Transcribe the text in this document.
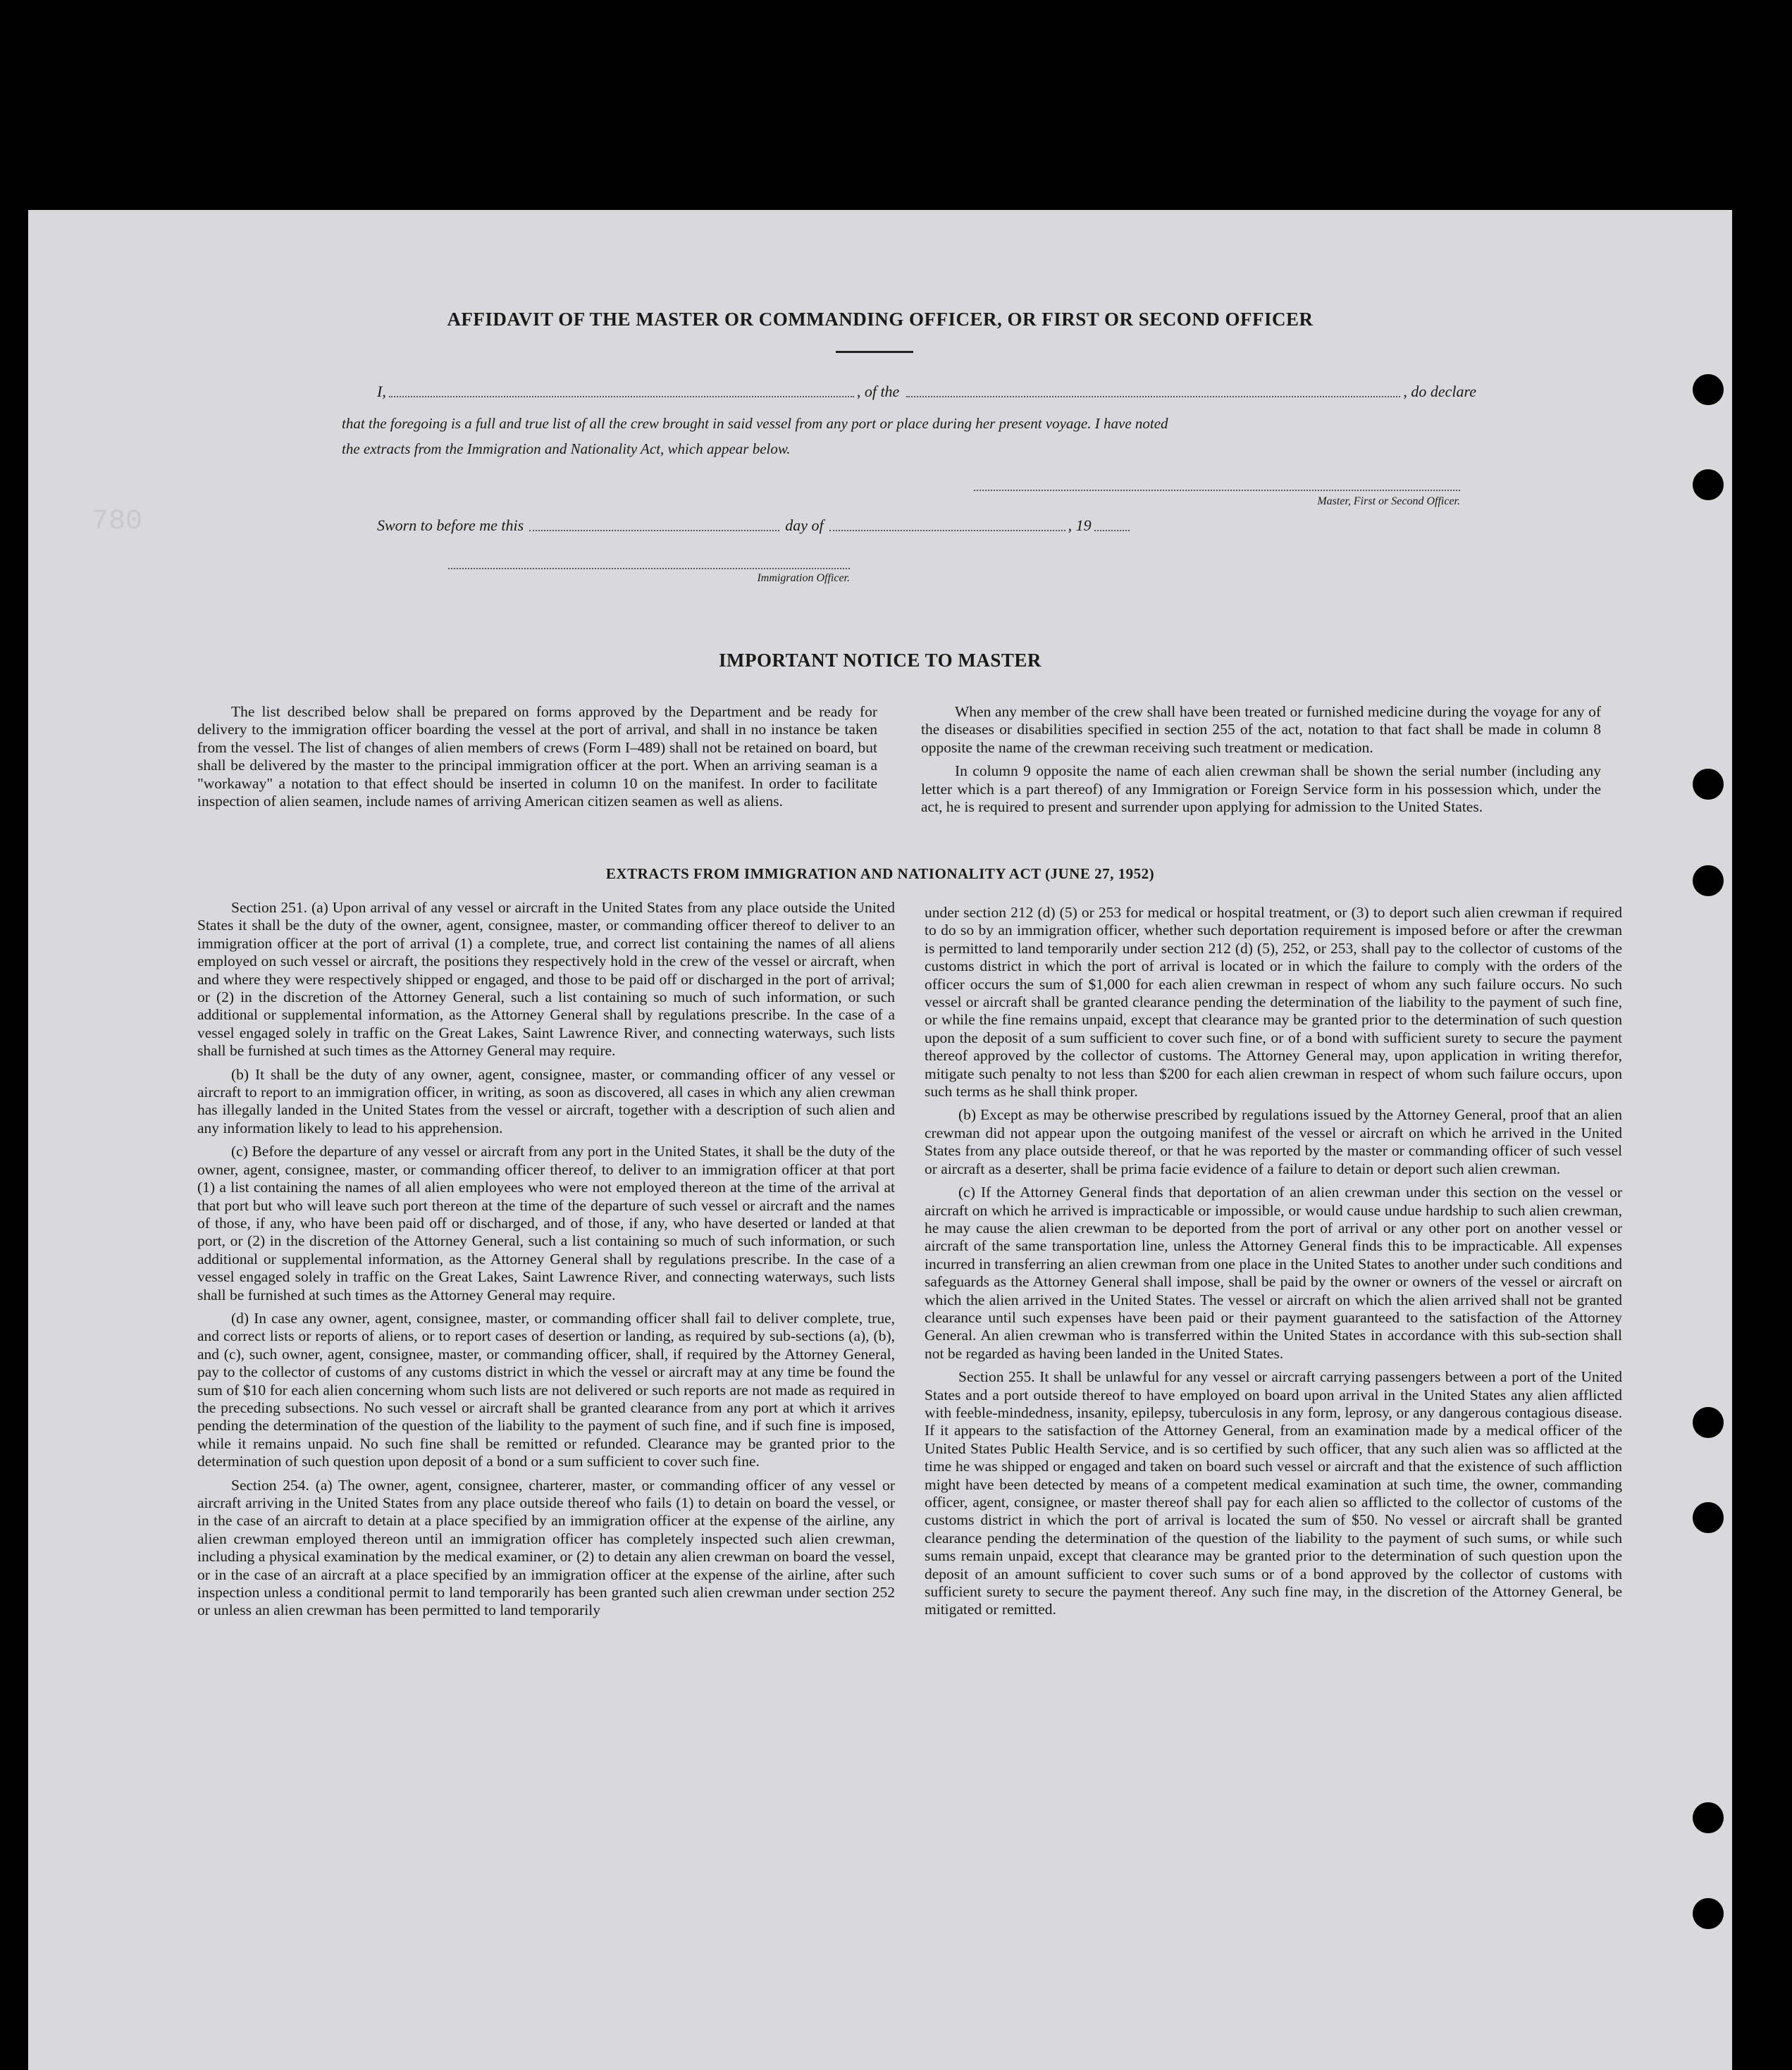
780
AFFIDAVIT OF THE MASTER OR COMMANDING OFFICER, OR FIRST OR SECOND OFFICER
I,	, of the	, do declare
that the foregoing is a full and true list of all the crew brought in said vessel from any port or place during her present voyage. I have noted
the extracts from the Immigration and Nationality Act, which appear below.
Master, First or Second Officer.
Sworn to before me this	day of	, 19
Immigration Officer.
IMPORTANT NOTICE TO MASTER

The list described below shall be prepared on forms approved by the Department and be ready for delivery to the immigration officer boarding the vessel at the port of arrival, and shall in no instance be taken from the vessel. The list of changes of alien members of crews (Form I–489) shall not be retained on board, but shall be delivered by the master to the principal immigration officer at the port. When an arriving seaman is a "workaway" a notation to that effect should be inserted in column 10 on the manifest. In order to facilitate inspection of alien seamen, include names of arriving American citizen seamen as well as aliens.

When any member of the crew shall have been treated or furnished medicine during the voyage for any of the diseases or disabilities specified in section 255 of the act, notation to that fact shall be made in column 8 opposite the name of the crewman receiving such treatment or medication.

In column 9 opposite the name of each alien crewman shall be shown the serial number (including any letter which is a part thereof) of any Immigration or Foreign Service form in his possession which, under the act, he is required to present and surrender upon applying for admission to the United States.

EXTRACTS FROM IMMIGRATION AND NATIONALITY ACT (JUNE 27, 1952)

Section 251. (a) Upon arrival of any vessel or aircraft in the United States from any place outside the United States it shall be the duty of the owner, agent, consignee, master, or commanding officer thereof to deliver to an immigration officer at the port of arrival (1) a complete, true, and correct list containing the names of all aliens employed on such vessel or aircraft, the positions they respectively hold in the crew of the vessel or aircraft, when and where they were respectively shipped or engaged, and those to be paid off or discharged in the port of arrival; or (2) in the discretion of the Attorney General, such a list containing so much of such information, or such additional or supplemental information, as the Attorney General shall by regulations prescribe. In the case of a vessel engaged solely in traffic on the Great Lakes, Saint Lawrence River, and connecting waterways, such lists shall be furnished at such times as the Attorney General may require.

(b) It shall be the duty of any owner, agent, consignee, master, or commanding officer of any vessel or aircraft to report to an immigration officer, in writing, as soon as discovered, all cases in which any alien crewman has illegally landed in the United States from the vessel or aircraft, together with a description of such alien and any information likely to lead to his apprehension.

(c) Before the departure of any vessel or aircraft from any port in the United States, it shall be the duty of the owner, agent, consignee, master, or commanding officer thereof, to deliver to an immigration officer at that port (1) a list containing the names of all alien employees who were not employed thereon at the time of the arrival at that port but who will leave such port thereon at the time of the departure of such vessel or aircraft and the names of those, if any, who have been paid off or discharged, and of those, if any, who have deserted or landed at that port, or (2) in the discretion of the Attorney General, such a list containing so much of such information, or such additional or supplemental information, as the Attorney General shall by regulations prescribe. In the case of a vessel engaged solely in traffic on the Great Lakes, Saint Lawrence River, and connecting waterways, such lists shall be furnished at such times as the Attorney General may require.

(d) In case any owner, agent, consignee, master, or commanding officer shall fail to deliver complete, true, and correct lists or reports of aliens, or to report cases of desertion or landing, as required by sub-sections (a), (b), and (c), such owner, agent, consignee, master, or commanding officer, shall, if required by the Attorney General, pay to the collector of customs of any customs district in which the vessel or aircraft may at any time be found the sum of $10 for each alien concerning whom such lists are not delivered or such reports are not made as required in the preceding subsections. No such vessel or aircraft shall be granted clearance from any port at which it arrives pending the determination of the question of the liability to the payment of such fine, and if such fine is imposed, while it remains unpaid. No such fine shall be remitted or refunded. Clearance may be granted prior to the determination of such question upon deposit of a bond or a sum sufficient to cover such fine.

Section 254. (a) The owner, agent, consignee, charterer, master, or commanding officer of any vessel or aircraft arriving in the United States from any place outside thereof who fails (1) to detain on board the vessel, or in the case of an aircraft to detain at a place specified by an immigration officer at the expense of the airline, any alien crewman employed thereon until an immigration officer has completely inspected such alien crewman, including a physical examination by the medical examiner, or (2) to detain any alien crewman on board the vessel, or in the case of an aircraft at a place specified by an immigration officer at the expense of the airline, after such inspection unless a conditional permit to land temporarily has been granted such alien crewman under section 252 or unless an alien crewman has been permitted to land temporarily

under section 212 (d) (5) or 253 for medical or hospital treatment, or (3) to deport such alien crewman if required to do so by an immigration officer, whether such deportation requirement is imposed before or after the crewman is permitted to land temporarily under section 212 (d) (5), 252, or 253, shall pay to the collector of customs of the customs district in which the port of arrival is located or in which the failure to comply with the orders of the officer occurs the sum of $1,000 for each alien crewman in respect of whom any such failure occurs. No such vessel or aircraft shall be granted clearance pending the determination of the liability to the payment of such fine, or while the fine remains unpaid, except that clearance may be granted prior to the determination of such question upon the deposit of a sum sufficient to cover such fine, or of a bond with sufficient surety to secure the payment thereof approved by the collector of customs. The Attorney General may, upon application in writing therefor, mitigate such penalty to not less than $200 for each alien crewman in respect of whom such failure occurs, upon such terms as he shall think proper.

(b) Except as may be otherwise prescribed by regulations issued by the Attorney General, proof that an alien crewman did not appear upon the outgoing manifest of the vessel or aircraft on which he arrived in the United States from any place outside thereof, or that he was reported by the master or commanding officer of such vessel or aircraft as a deserter, shall be prima facie evidence of a failure to detain or deport such alien crewman.

(c) If the Attorney General finds that deportation of an alien crewman under this section on the vessel or aircraft on which he arrived is impracticable or impossible, or would cause undue hardship to such alien crewman, he may cause the alien crewman to be deported from the port of arrival or any other port on another vessel or aircraft of the same transportation line, unless the Attorney General finds this to be impracticable. All expenses incurred in transferring an alien crewman from one place in the United States to another under such conditions and safeguards as the Attorney General shall impose, shall be paid by the owner or owners of the vessel or aircraft on which the alien arrived in the United States. The vessel or aircraft on which the alien arrived shall not be granted clearance until such expenses have been paid or their payment guaranteed to the satisfaction of the Attorney General. An alien crewman who is transferred within the United States in accordance with this sub-section shall not be regarded as having been landed in the United States.

Section 255. It shall be unlawful for any vessel or aircraft carrying passengers between a port of the United States and a port outside thereof to have employed on board upon arrival in the United States any alien afflicted with feeble-mindedness, insanity, epilepsy, tuberculosis in any form, leprosy, or any dangerous contagious disease. If it appears to the satisfaction of the Attorney General, from an examination made by a medical officer of the United States Public Health Service, and is so certified by such officer, that any such alien was so afflicted at the time he was shipped or engaged and taken on board such vessel or aircraft and that the existence of such affliction might have been detected by means of a competent medical examination at such time, the owner, commanding officer, agent, consignee, or master thereof shall pay for each alien so afflicted to the collector of customs of the customs district in which the port of arrival is located the sum of $50. No vessel or aircraft shall be granted clearance pending the determination of the question of the liability to the payment of such sums, or while such sums remain unpaid, except that clearance may be granted prior to the determination of such question upon the deposit of an amount sufficient to cover such sums or of a bond approved by the collector of customs with sufficient surety to secure the payment thereof. Any such fine may, in the discretion of the Attorney General, be mitigated or remitted.
